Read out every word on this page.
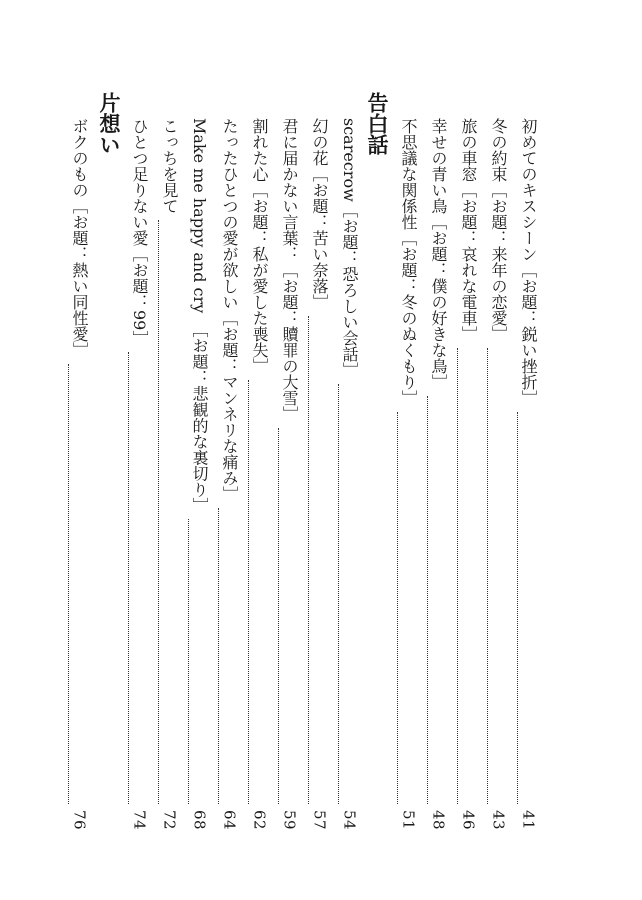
初めてのキスシーン［お題：鋭い挫折］
41
冬の約束［お題：来年の恋愛］
43
旅の車窓［お題：哀れな電車］
46
幸せの青い鳥［お題：僕の好きな鳥］
48
不思議な関係性［お題：冬のぬくもり］
51
告白話
scarecrow［お題：恐ろしい会話］
54
幻の花［お題：苦い奈落］
57
君に届かない言葉：［お題：贖罪の大雪］
59
割れた心［お題：私が愛した喪失］
62
たったひとつの愛が欲しい［お題：マンネリな痛み］
64
Make me happy and cry　［お題：悲観的な裏切り］
68
こっちを見て
72
ひとつ足りない愛［お題：99］
74
片想い
ボクのもの［お題：熱い同性愛］
76
